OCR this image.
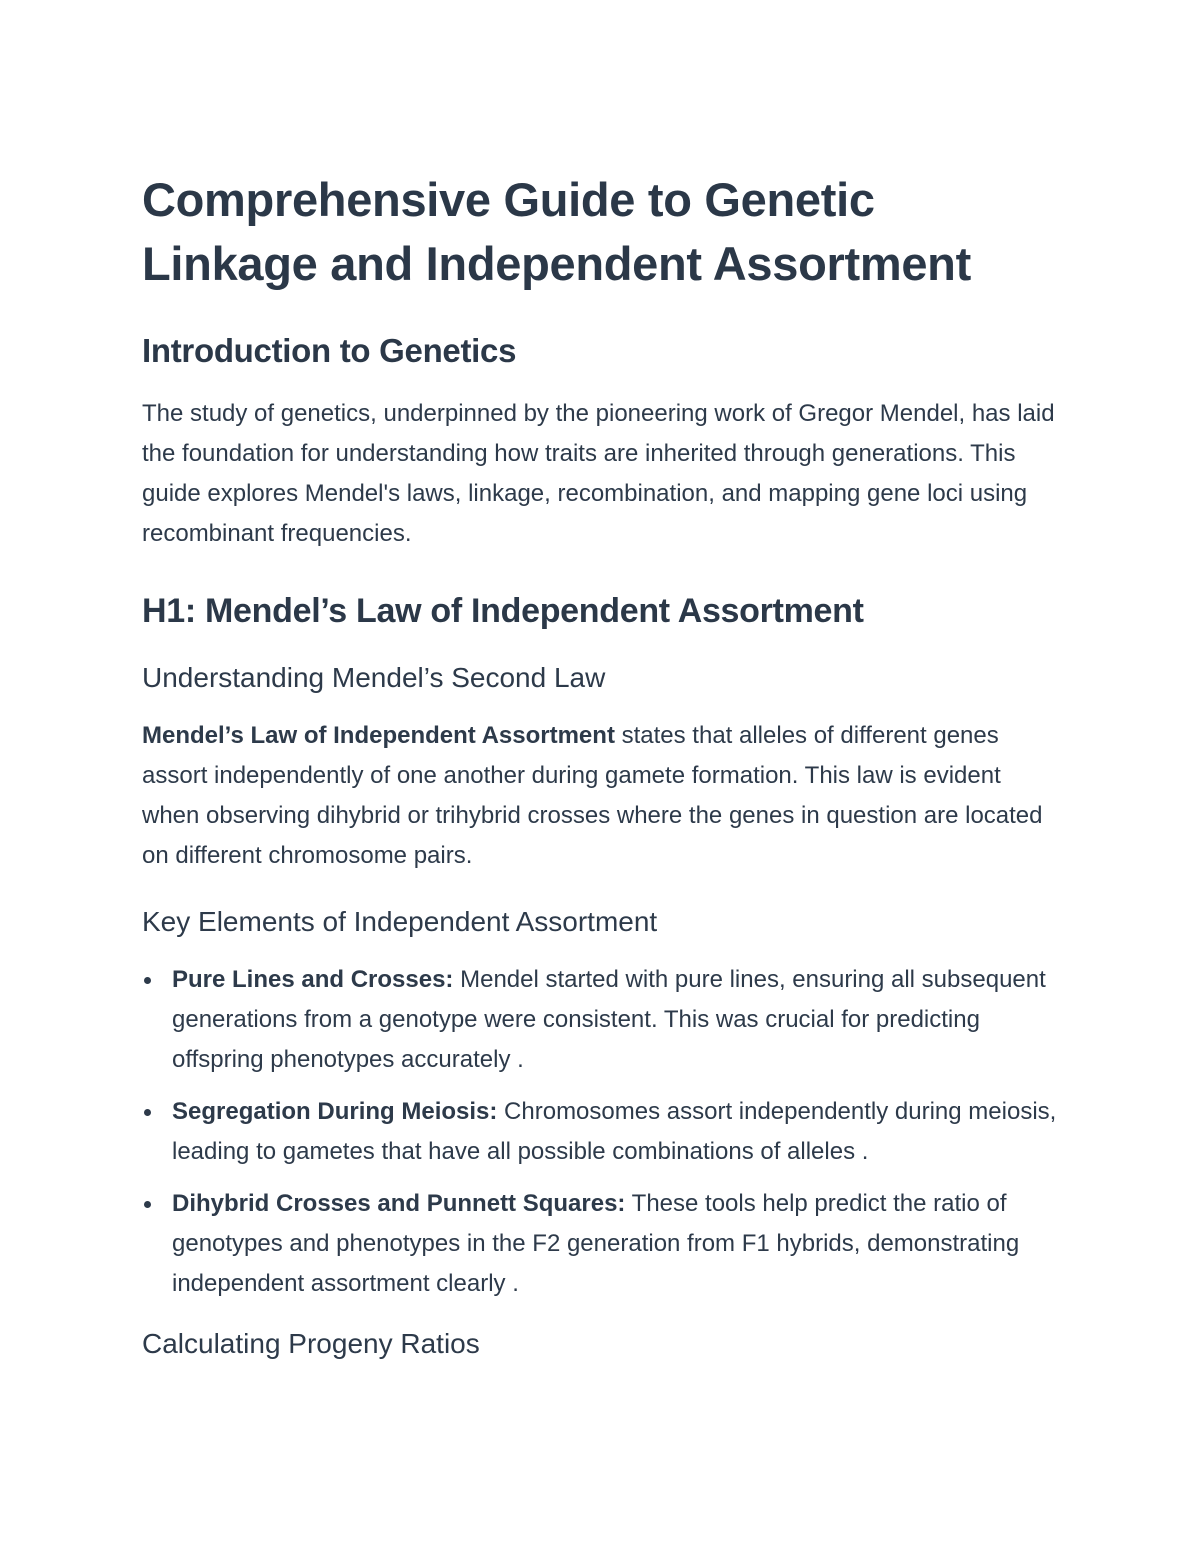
Comprehensive Guide to Genetic Linkage and Independent Assortment
Introduction to Genetics

The study of genetics, underpinned by the pioneering work of Gregor Mendel, has laid the foundation for understanding how traits are inherited through generations. This guide explores Mendel's laws, linkage, recombination, and mapping gene loci using recombinant frequencies.

H1: Mendel’s Law of Independent Assortment
Understanding Mendel’s Second Law

Mendel’s Law of Independent Assortment states that alleles of different genes assort independently of one another during gamete formation. This law is evident when observing dihybrid or trihybrid crosses where the genes in question are located on different chromosome pairs.

Key Elements of Independent Assortment
Pure Lines and Crosses: Mendel started with pure lines, ensuring all subsequent generations from a genotype were consistent. This was crucial for predicting offspring phenotypes accurately .
Segregation During Meiosis: Chromosomes assort independently during meiosis, leading to gametes that have all possible combinations of alleles .
Dihybrid Crosses and Punnett Squares: These tools help predict the ratio of genotypes and phenotypes in the F2 generation from F1 hybrids, demonstrating independent assortment clearly .
Calculating Progeny Ratios
